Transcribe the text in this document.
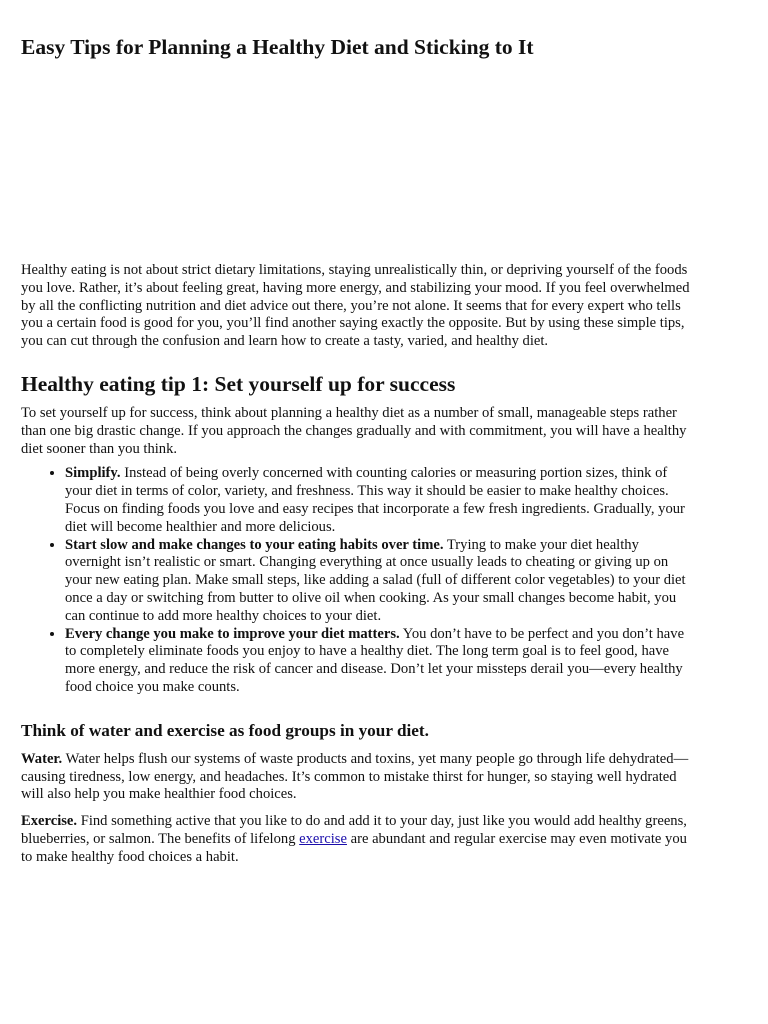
Easy Tips for Planning a Healthy Diet and Sticking to It

Healthy eating is not about strict dietary limitations, staying unrealistically thin, or depriving yourself of the foods you love. Rather, it’s about feeling great, having more energy, and stabilizing your mood. If you feel overwhelmed by all the conflicting nutrition and diet advice out there, you’re not alone. It seems that for every expert who tells you a certain food is good for you, you’ll find another saying exactly the opposite. But by using these simple tips, you can cut through the confusion and learn how to create a tasty, varied, and healthy diet.

Healthy eating tip 1: Set yourself up for success

To set yourself up for success, think about planning a healthy diet as a number of small, manageable steps rather than one big drastic change. If you approach the changes gradually and with commitment, you will have a healthy diet sooner than you think.

• Simplify. Instead of being overly concerned with counting calories or measuring portion sizes, think of your diet in terms of color, variety, and freshness. This way it should be easier to make healthy choices. Focus on finding foods you love and easy recipes that incorporate a few fresh ingredients. Gradually, your diet will become healthier and more delicious.
• Start slow and make changes to your eating habits over time. Trying to make your diet healthy overnight isn’t realistic or smart. Changing everything at once usually leads to cheating or giving up on your new eating plan. Make small steps, like adding a salad (full of different color vegetables) to your diet once a day or switching from butter to olive oil when cooking. As your small changes become habit, you can continue to add more healthy choices to your diet.
• Every change you make to improve your diet matters. You don’t have to be perfect and you don’t have to completely eliminate foods you enjoy to have a healthy diet. The long term goal is to feel good, have more energy, and reduce the risk of cancer and disease. Don’t let your missteps derail you—every healthy food choice you make counts.
Think of water and exercise as food groups in your diet.

Water. Water helps flush our systems of waste products and toxins, yet many people go through life dehydrated—causing tiredness, low energy, and headaches. It’s common to mistake thirst for hunger, so staying well hydrated will also help you make healthier food choices.

Exercise. Find something active that you like to do and add it to your day, just like you would add healthy greens, blueberries, or salmon. The benefits of lifelong exercise are abundant and regular exercise may even motivate you to make healthy food choices a habit.
